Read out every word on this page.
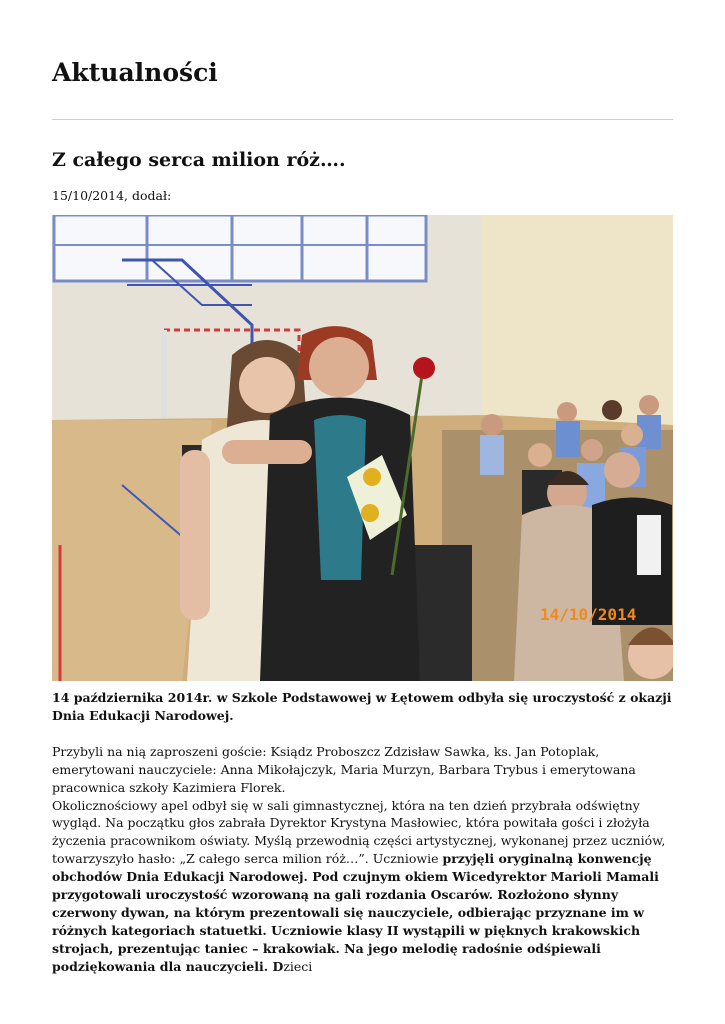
Aktualności
Z całego serca milion róż….
15/10/2014, dodał:
14/10/2014

14 października 2014r. w Szkole Podstawowej w Łętowem odbyła się uroczystość z okazji Dnia Edukacji Narodowej.

Przybyli na nią zaproszeni goście: Ksiądz Proboszcz Zdzisław Sawka, ks. Jan Potoplak, emerytowani nauczyciele: Anna Mikołajczyk, Maria Murzyn, Barbara Trybus i emerytowana pracownica szkoły Kazimiera Florek.

Okolicznościowy apel odbył się w sali gimnastycznej, która na ten dzień przybrała odświętny wygląd. Na początku głos zabrała Dyrektor Krystyna Masłowiec, która powitała gości i złożyła życzenia pracownikom oświaty. Myślą przewodnią części artystycznej, wykonanej przez uczniów, towarzyszyło hasło: „Z całego serca milion róż…”. Uczniowie przyjęli oryginalną konwencję obchodów Dnia Edukacji Narodowej. Pod czujnym okiem Wicedyrektor Marioli Mamali przygotowali uroczystość wzorowaną na gali rozdania Oscarów. Rozłożono słynny czerwony dywan, na którym prezentowali się nauczyciele, odbierając przyznane im w różnych kategoriach statuetki. Uczniowie klasy II wystąpili w pięknych krakowskich strojach, prezentując taniec – krakowiak. Na jego melodię radośnie odśpiewali podziękowania dla nauczycieli. Dzieci
